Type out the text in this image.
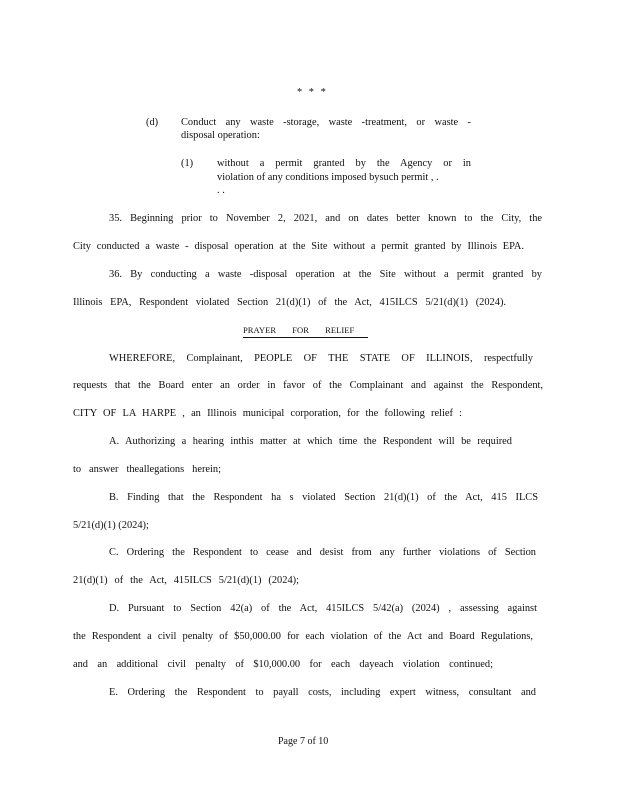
* * *
(d) Conduct any waste -storage, waste -treatment, or waste -
disposal operation:
(1) without a permit granted by the Agency or in
violation of any conditions imposed bysuch permit , .
. .
35. Beginning prior to November 2, 2021, and on dates better known to the City, the
City conducted a waste - disposal operation at the Site without a permit granted by Illinois EPA.
36. By conducting a waste -disposal operation at the Site without a permit granted by
Illinois EPA, Respondent violated Section 21(d)(1) of the Act, 415ILCS 5/21(d)(1) (2024).
PRAYER FOR RELIEF
WHEREFORE, Complainant, PEOPLE OF THE STATE OF ILLINOIS, respectfully
requests that the Board enter an order in favor of the Complainant and against the Respondent,
CITY OF LA HARPE , an Illinois municipal corporation, for the following relief :
A. Authorizing a hearing inthis matter at which time the Respondent will be required
to answer theallegations herein;
B. Finding that the Respondent ha s violated Section 21(d)(1) of the Act, 415 ILCS
5/21(d)(1) (2024);
C. Ordering the Respondent to cease and desist from any further violations of Section
21(d)(1) of the Act, 415ILCS 5/21(d)(1) (2024);
D. Pursuant to Section 42(a) of the Act, 415ILCS 5/42(a) (2024) , assessing against
the Respondent a civil penalty of $50,000.00 for each violation of the Act and Board Regulations,
and an additional civil penalty of $10,000.00 for each dayeach violation continued;
E. Ordering the Respondent to payall costs, including expert witness, consultant and
Page 7 of 10
